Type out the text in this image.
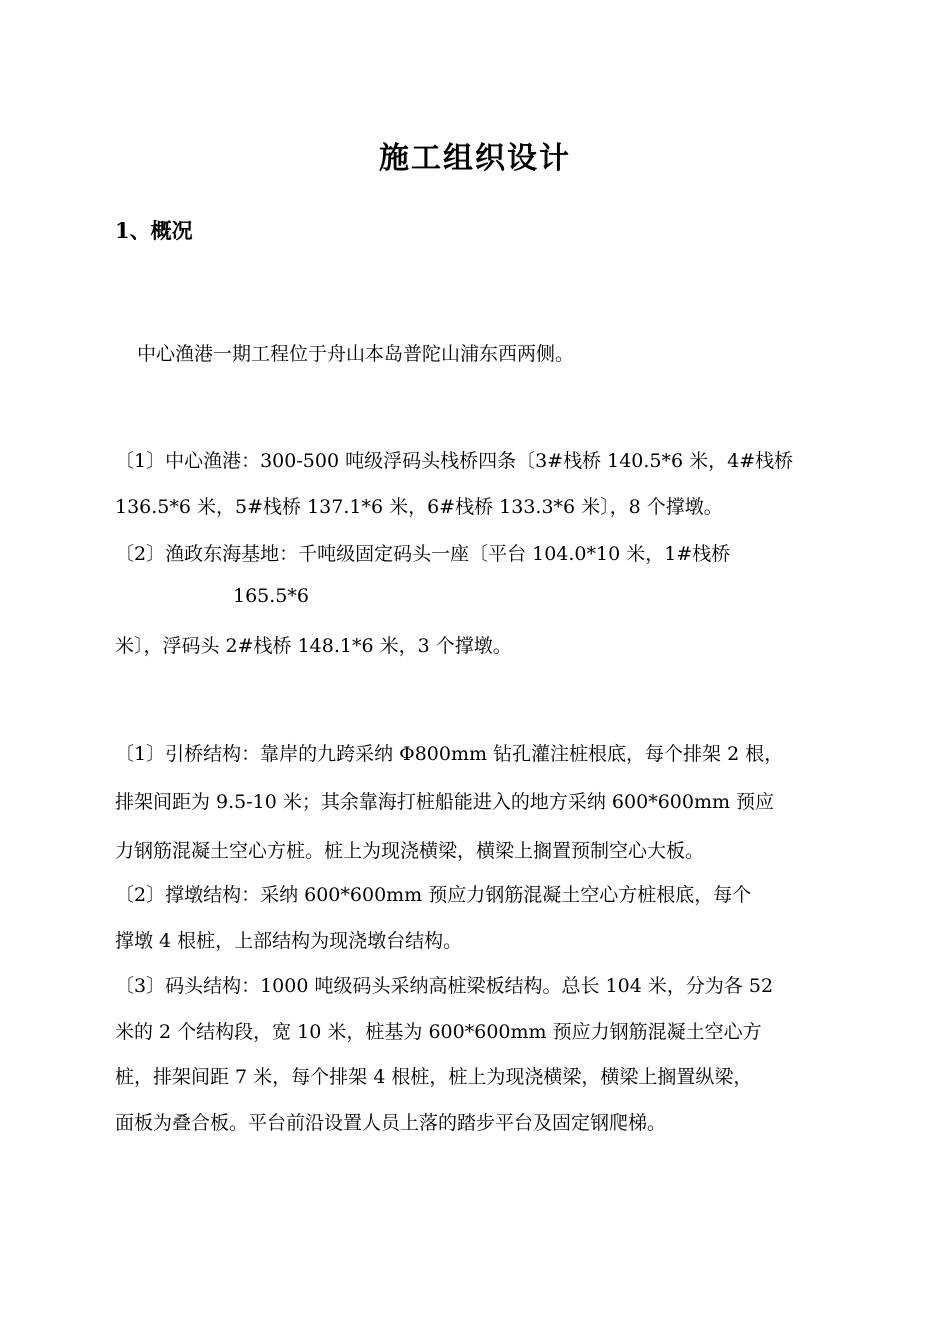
施工组织设计
1、概况
中心渔港一期工程位于舟山本岛普陀山浦东西两侧。
〔1〕中心渔港：300-500 吨级浮码头栈桥四条〔3#栈桥 140.5*6 米，4#栈桥
136.5*6 米，5#栈桥 137.1*6 米，6#栈桥 133.3*6 米〕，8 个撑墩。
〔2〕渔政东海基地：千吨级固定码头一座〔平台 104.0*10 米，1#栈桥
165.5*6
米〕，浮码头 2#栈桥 148.1*6 米，3 个撑墩。
〔1〕引桥结构：靠岸的九跨采纳 Φ800mm 钻孔灌注桩根底，每个排架 2 根，
排架间距为 9.5-10 米；其余靠海打桩船能进入的地方采纳 600*600mm 预应
力钢筋混凝土空心方桩。桩上为现浇横梁，横梁上搁置预制空心大板。
〔2〕撑墩结构：采纳 600*600mm 预应力钢筋混凝土空心方桩根底，每个
撑墩 4 根桩，上部结构为现浇墩台结构。
〔3〕码头结构：1000 吨级码头采纳高桩梁板结构。总长 104 米，分为各 52
米的 2 个结构段，宽 10 米，桩基为 600*600mm 预应力钢筋混凝土空心方
桩，排架间距 7 米，每个排架 4 根桩，桩上为现浇横梁，横梁上搁置纵梁，
面板为叠合板。平台前沿设置人员上落的踏步平台及固定钢爬梯。
